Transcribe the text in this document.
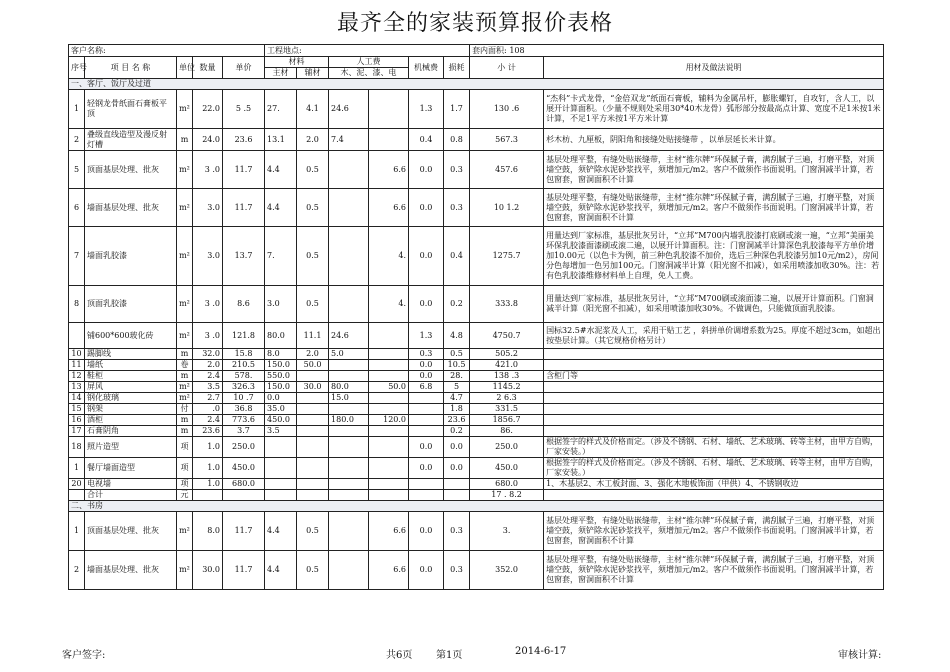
最齐全的家装预算报价表格
客户名称:					工程地点:						套内面积: 108	
序号	项 目 名 称	单位	数量	单价	材料		人工费		机械费	损耗	小 计	用材及做法说明
					主材	辅材	木、泥、漆、电					
一、客厅、饭厅及过道												
1	轻钢龙骨纸面石膏板平顶	m²	22.0	5 .5	27.	4.1	24.6		1.3	1.7	130 .6	“杰科”卡式龙骨，“金倍双龙”纸面石膏板，辅料为金属吊杆，膨胀螺钉，自攻钉，含人工，以展开计算面积。（少量不规则处采用30*40木龙骨）弧形部分按最高点计算、宽度不足1米按1米计算，不足1平方米按1平方米计算
2	叠级直线造型及漫反射灯槽	m	24.0	23.6	13.1	2.0	7.4		0.4	0.8	567.3	杉木枋、九厘板，阴阳角和接缝处贴接缝带 ，以单层延长米计算。
5	顶面基层处理、批灰	m²	3 .0	11.7	4.4	0.5		6.6	0.0	0.3	457.6	基层处理平整，有缝处贴嵌缝带，主材“推尔牌”环保腻子膏，满刮腻子三遍，打磨平整，对顶墙空鼓，须铲除水泥砂浆找平，须增加元/m2。客户不做须作书面说明。门窗洞减半计算，若包窗套，窗洞面积不计算
6	墙面基层处理、批灰	m²	3.0	11.7	4.4	0.5		6.6	0.0	0.3	10 1.2	基层处理平整，有缝处贴嵌缝带，主材“推尔牌”环保腻子膏，满刮腻子三遍，打磨平整，对顶墙空鼓，须铲除水泥砂浆找平，须增加元/m2。客户不做须作书面说明。门窗洞减半计算，若包窗套，窗洞面积不计算
7	墙面乳胶漆	m²	3.0	13.7	7.	0.5		4.	0.0	0.4	1275.7	用量达到厂家标准，基层批灰另计，“立邦”M700内墙乳胶漆打底刷或滚一遍，“立邦”美丽美环保乳胶漆面漆刷或滚二遍，以展开计算面积。注：门窗洞减半计算深色乳胶漆每平方单价增加10.00元（以色卡为例，前三种色乳胶漆不加价，选后三种深色乳胶漆另加10元/m2），房间分色每增加一色另加100元。门窗洞减半计算（阳光窗不扣减），如采用喷漆加收30%。注：若有色乳胶漆维修材料单上自理，免人工费。
8	顶面乳胶漆	m²	3 .0	8.6	3.0	0.5		4.	0.0	0.2	333.8	用量达到厂家标准，基层批灰另计，“立邦”M700刷或滚面漆二遍，以展开计算面积。门窗洞减半计算（阳光窗不扣减），如采用喷漆加收30%。不做调色，只能做顶面乳胶漆。
	铺600*600玻化砖	m²	3 .0	121.8	80.0	11.1	24.6		1.3	4.8	4750.7	国标32.5#水泥浆及人工，采用干贴工艺 ，斜拼单价调增系数为25。厚度不超过3cm，如超出按垫层计算。（其它规格价格另计）
10	踢脚线	m	32.0	15.8	8.0	2.0	5.0		0.3	0.5	505.2	
11	墙纸	卷	2.0	210.5	150.0	50.0			0.0	10.5	421.0	
12	鞋柜	m	2.4	578.	550.0				0.0	28.	138 .3	含柜门等
13	屏风	m²	3.5	326.3	150.0	30.0	80.0	50.0	6.8	5	1145.2	
14	钢化玻璃	m²	2.7	10 .7	0.0		15.0			4.7	2 6.3	
15	钢架	付	.0	36.8	35.0					1.8	331.5	
16	酒柜	m	2.4	773.6	450.0		180.0	120.0		23.6	1856.7	
17	石膏阴角	m	23.6	3.7	3.5					0.2	86.	
18	照片造型	项	1.0	250.0					0.0	0.0	250.0	根据签字的样式及价格而定。（涉及不锈钢、石材、墙纸、艺术玻璃、砖等主材，由甲方自购，厂家安装。）
1	餐厅墙面造型	项	1.0	450.0					0.0	0.0	450.0	根据签字的样式及价格而定。（涉及不锈钢、石材、墙纸、艺术玻璃、砖等主材，由甲方自购，厂家安装。）
20	电视墙	项	1.0	680.0							680.0	1、木基层2、木工板封面、3、强化木地板饰面（甲供）4、不锈钢收边
	合计	元									17 . 8.2	
二、书房												
1	顶面基层处理、批灰	m²	8.0	11.7	4.4	0.5		6.6	0.0	0.3	3.	基层处理平整，有缝处贴嵌缝带，主材“推尔牌”环保腻子膏，满刮腻子三遍，打磨平整，对顶墙空鼓，须铲除水泥砂浆找平，须增加元/m2。客户不做须作书面说明。门窗洞减半计算，若包窗套，窗洞面积不计算
2	墙面基层处理、批灰	m²	30.0	11.7	4.4	0.5		6.6	0.0	0.3	352.0	基层处理平整，有缝处贴嵌缝带，主材“推尔牌”环保腻子膏，满刮腻子三遍，打磨平整，对顶墙空鼓，须铲除水泥砂浆找平，须增加元/m2。客户不做须作书面说明。门窗洞减半计算，若包窗套，窗洞面积不计算
客户签字:	共6页 第1页	2014-6-17	审核计算:
